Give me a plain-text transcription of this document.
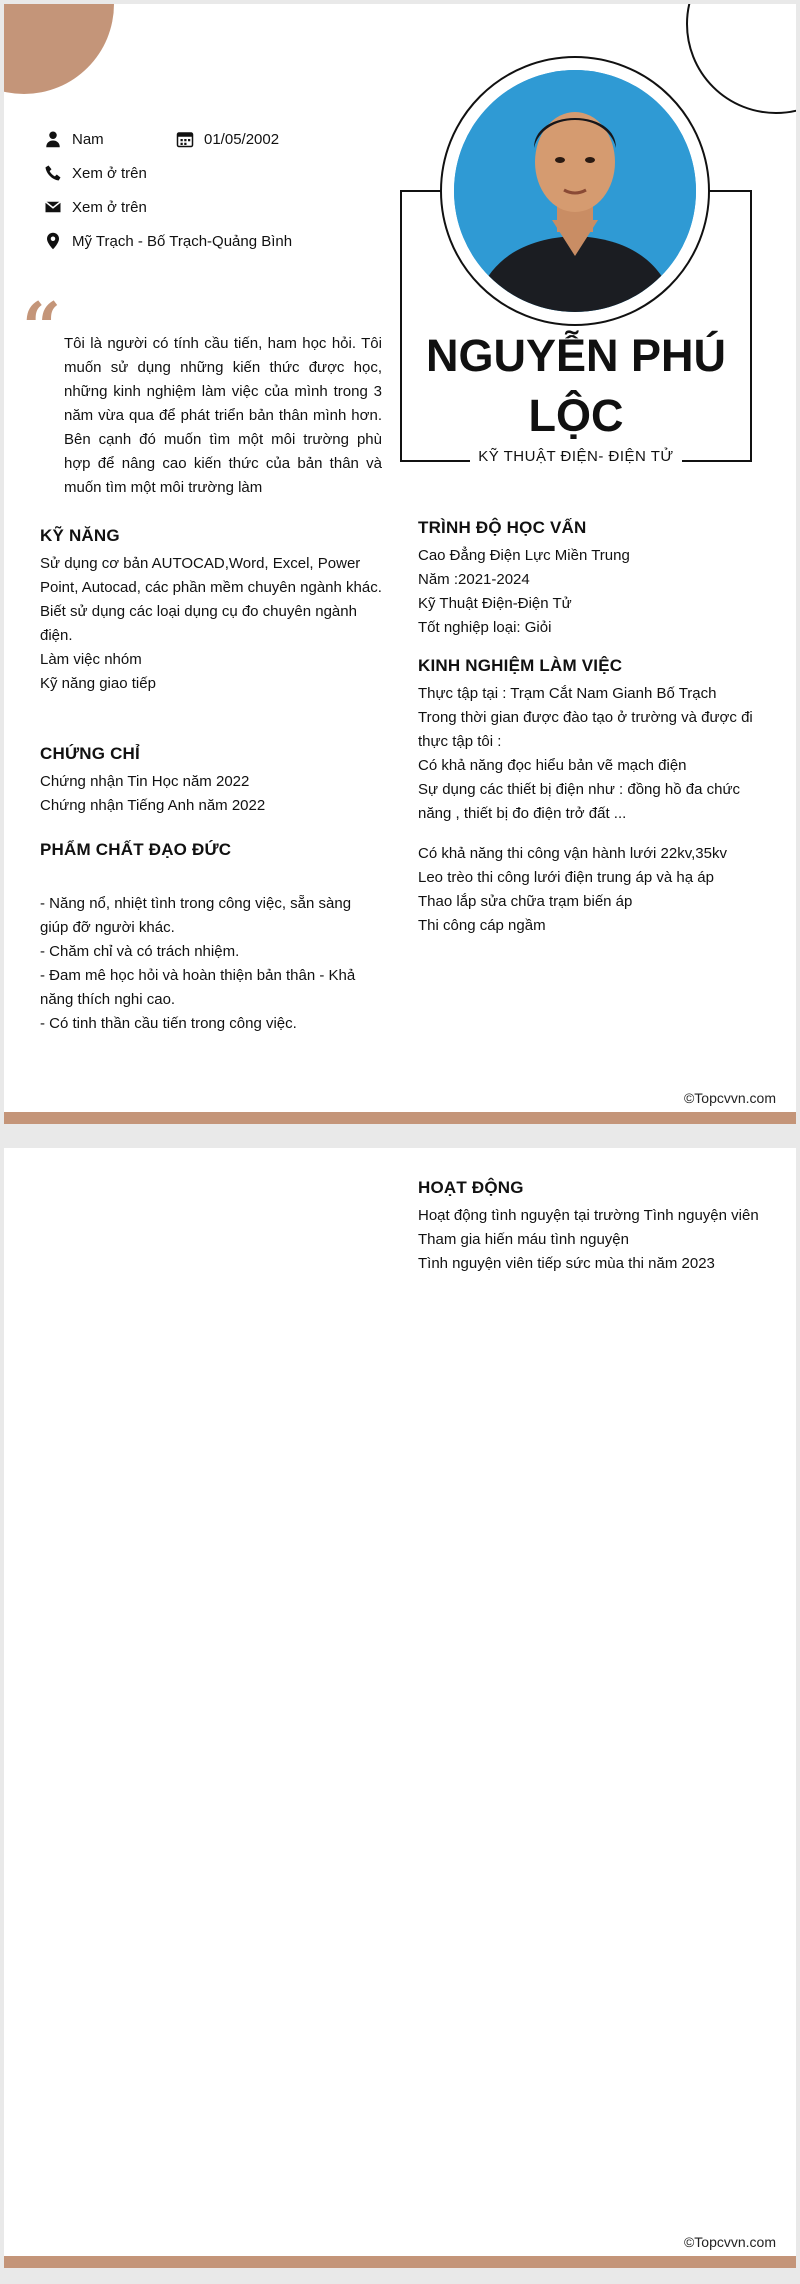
Nam	01/05/2002
Xem ở trên
Xem ở trên
Mỹ Trạch - Bố Trạch-Quảng Bình
“ Tôi là người có tính cầu tiến, ham học hỏi. Tôi muốn sử dụng những kiến thức được học, những kinh nghiệm làm việc của mình trong 3 năm vừa qua để phát triển bản thân mình hơn. Bên cạnh đó muốn tìm một môi trường phù hợp để nâng cao kiến thức của bản thân và muốn tìm một môi trường làm

KỸ NĂNG
Sử dụng cơ bản AUTOCAD,Word, Excel, Power Point, Autocad, các phần mềm chuyên ngành khác.
Biết sử dụng các loại dụng cụ đo chuyên ngành điện.
Làm việc nhóm
Kỹ năng giao tiếp
CHỨNG CHỈ
Chứng nhận Tin Học năm 2022
Chứng nhận Tiếng Anh năm 2022
PHẨM CHẤT ĐẠO ĐỨC
- Năng nổ, nhiệt tình trong công việc, sẵn sàng giúp đỡ người khác.
- Chăm chỉ và có trách nhiệm.
- Đam mê học hỏi và hoàn thiện bản thân - Khả năng thích nghi cao.
- Có tinh thần cầu tiến trong công việc.
NGUYỄN PHÚ
LỘC
KỸ THUẬT ĐIỆN- ĐIỆN TỬ
TRÌNH ĐỘ HỌC VẤN
Cao Đẳng Điện Lực Miền Trung
Năm :2021-2024
Kỹ Thuật Điện-Điện Tử
Tốt nghiệp loại: Giỏi
KINH NGHIỆM LÀM VIỆC
Thực tập tại : Trạm Cắt Nam Gianh Bố Trạch
Trong thời gian được đào tạo ở trường và được đi thực tập tôi :
Có khả năng đọc hiểu bản vẽ mạch điện
Sự dụng các thiết bị điện như : đồng hồ đa chức năng , thiết bị đo điện trở đất ...
Có khả năng thi công vận hành lưới 22kv,35kv
Leo trèo thi công lưới điện trung áp và hạ áp
Thao lắp sửa chữa trạm biến áp
Thi công cáp ngầm
©Topcvvn.com
HOẠT ĐỘNG
Hoạt động tình nguyện tại trường Tình nguyện viên
Tham gia hiến máu tình nguyện
Tình nguyện viên tiếp sức mùa thi năm 2023
©Topcvvn.com
